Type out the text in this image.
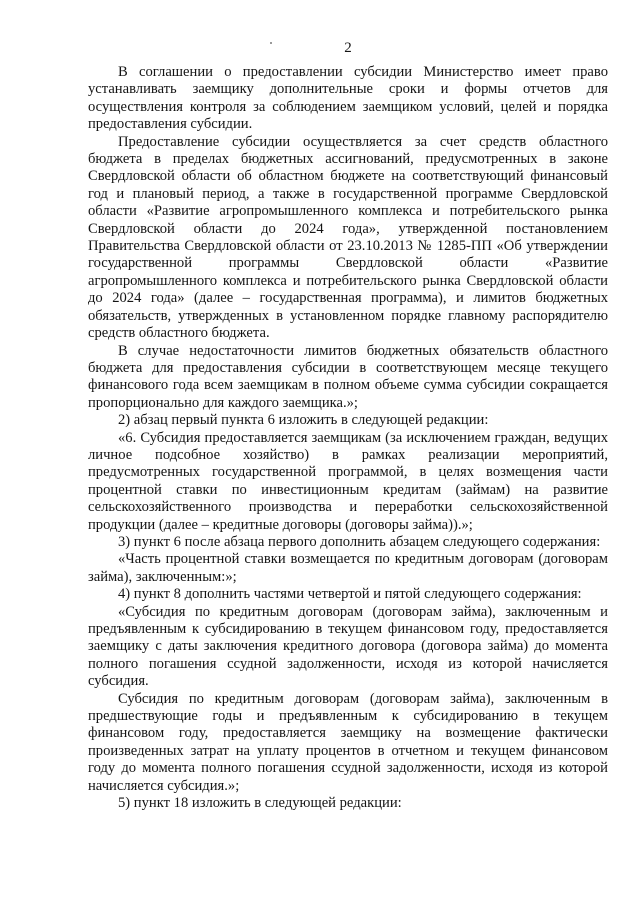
2

В соглашении о предоставлении субсидии Министерство имеет право устанавливать заемщику дополнительные сроки и формы отчетов для осуществления контроля за соблюдением заемщиком условий, целей и порядка предоставления субсидии.

Предоставление субсидии осуществляется за счет средств областного бюджета в пределах бюджетных ассигнований, предусмотренных в законе Свердловской области об областном бюджете на соответствующий финансовый год и плановый период, а также в государственной программе Свердловской области «Развитие агропромышленного комплекса и потребительского рынка Свердловской области до 2024 года», утвержденной постановлением Правительства Свердловской области от 23.10.2013 № 1285-ПП «Об утверждении государственной программы Свердловской области «Развитие агропромышленного комплекса и потребительского рынка Свердловской области до 2024 года» (далее – государственная программа), и лимитов бюджетных обязательств, утвержденных в установленном порядке главному распорядителю средств областного бюджета.

В случае недостаточности лимитов бюджетных обязательств областного бюджета для предоставления субсидии в соответствующем месяце текущего финансового года всем заемщикам в полном объеме сумма субсидии сокращается пропорционально для каждого заемщика.»;

2) абзац первый пункта 6 изложить в следующей редакции:

«6. Субсидия предоставляется заемщикам (за исключением граждан, ведущих личное подсобное хозяйство) в рамках реализации мероприятий, предусмотренных государственной программой, в целях возмещения части процентной ставки по инвестиционным кредитам (займам) на развитие сельскохозяйственного производства и переработки сельскохозяйственной продукции (далее – кредитные договоры (договоры займа)).»;

3) пункт 6 после абзаца первого дополнить абзацем следующего содержания:

«Часть процентной ставки возмещается по кредитным договорам (договорам займа), заключенным:»;

4) пункт 8 дополнить частями четвертой и пятой следующего содержания:

«Субсидия по кредитным договорам (договорам займа), заключенным и предъявленным к субсидированию в текущем финансовом году, предоставляется заемщику с даты заключения кредитного договора (договора займа) до момента полного погашения ссудной задолженности, исходя из которой начисляется субсидия.

Субсидия по кредитным договорам (договорам займа), заключенным в предшествующие годы и предъявленным к субсидированию в текущем финансовом году, предоставляется заемщику на возмещение фактически произведенных затрат на уплату процентов в отчетном и текущем финансовом году до момента полного погашения ссудной задолженности, исходя из которой начисляется субсидия.»;

5) пункт 18 изложить в следующей редакции:
